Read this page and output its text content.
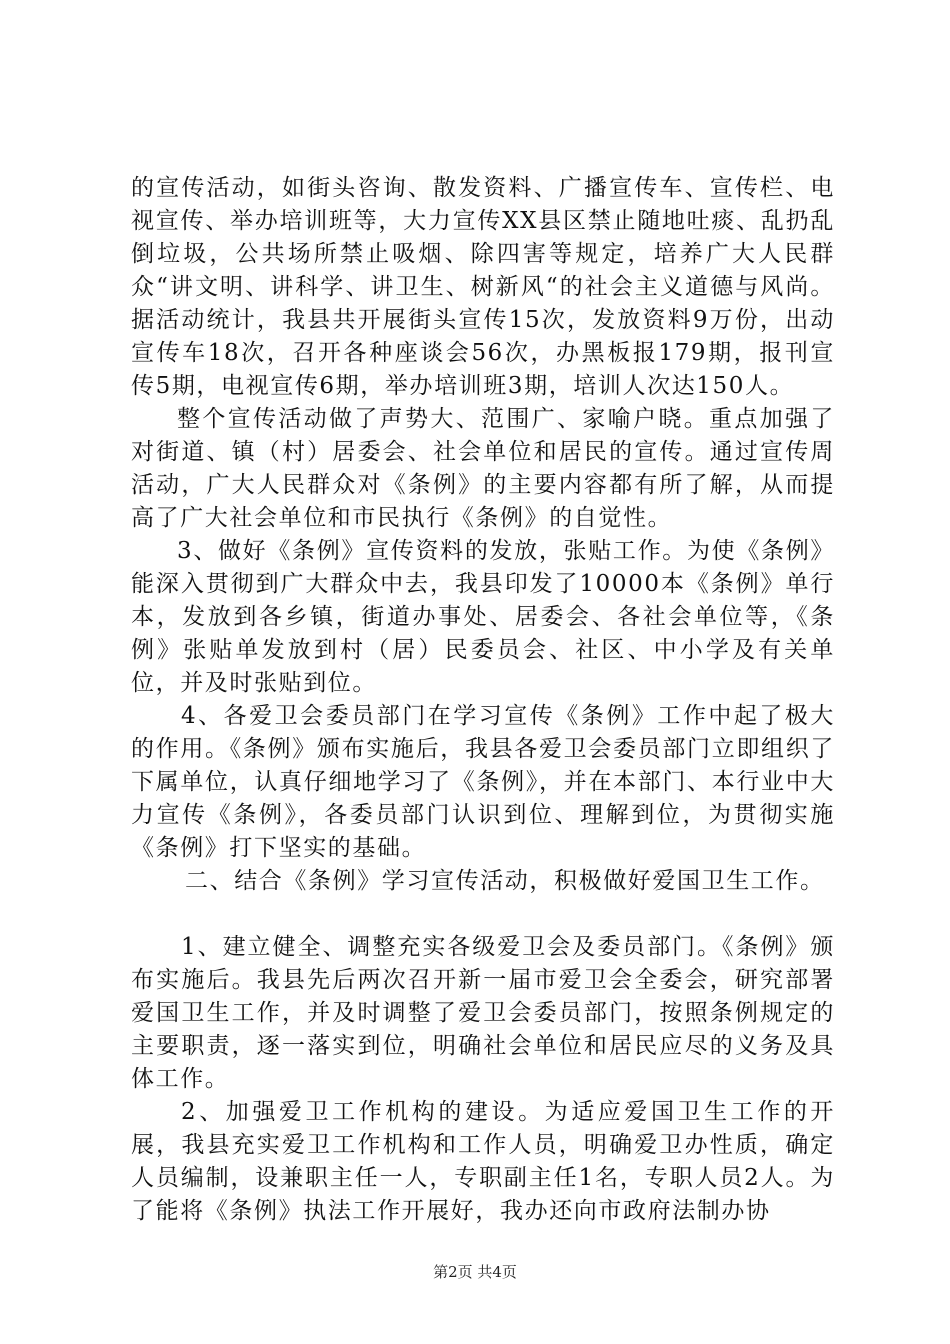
的宣传活动，如街头咨询、散发资料、广播宣传车、宣传栏、电视宣传、举办培训班等，大力宣传XX县区禁止随地吐痰、乱扔乱倒垃圾，公共场所禁止吸烟、除四害等规定，培养广大人民群众“讲文明、讲科学、讲卫生、树新风“的社会主义道德与风尚。据活动统计，我县共开展街头宣传15次，发放资料9万份，出动宣传车18次，召开各种座谈会56次，办黑板报179期，报刊宣传5期，电视宣传6期，举办培训班3期，培训人次达150人。

整个宣传活动做了声势大、范围广、家喻户晓。重点加强了对街道、镇（村）居委会、社会单位和居民的宣传。通过宣传周活动，广大人民群众对《条例》的主要内容都有所了解，从而提高了广大社会单位和市民执行《条例》的自觉性。

3、做好《条例》宣传资料的发放，张贴工作。为使《条例》能深入贯彻到广大群众中去，我县印发了10000本《条例》单行本，发放到各乡镇，街道办事处、居委会、各社会单位等，《条例》张贴单发放到村（居）民委员会、社区、中小学及有关单位，并及时张贴到位。

4、各爱卫会委员部门在学习宣传《条例》工作中起了极大的作用。《条例》颁布实施后，我县各爱卫会委员部门立即组织了下属单位，认真仔细地学习了《条例》，并在本部门、本行业中大力宣传《条例》，各委员部门认识到位、理解到位，为贯彻实施《条例》打下坚实的基础。

二、结合《条例》学习宣传活动，积极做好爱国卫生工作。

1、建立健全、调整充实各级爱卫会及委员部门。《条例》颁布实施后。我县先后两次召开新一届市爱卫会全委会，研究部署爱国卫生工作，并及时调整了爱卫会委员部门，按照条例规定的主要职责，逐一落实到位，明确社会单位和居民应尽的义务及具体工作。

2、加强爱卫工作机构的建设。为适应爱国卫生工作的开展，我县充实爱卫工作机构和工作人员，明确爱卫办性质，确定人员编制，设兼职主任一人，专职副主任1名，专职人员2人。为了能将《条例》执法工作开展好，我办还向市政府法制办协

第2页 共4页
